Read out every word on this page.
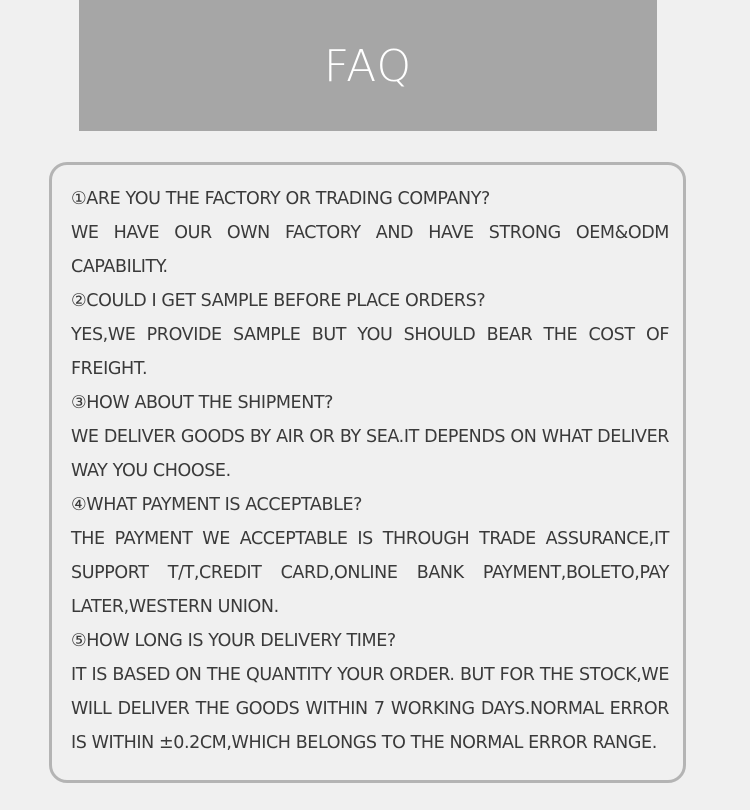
FAQ
①ARE YOU THE FACTORY OR TRADING COMPANY?
WE HAVE OUR OWN FACTORY AND HAVE STRONG OEM&ODM
CAPABILITY.
②COULD I GET SAMPLE BEFORE PLACE ORDERS?
YES,WE PROVIDE SAMPLE BUT YOU SHOULD BEAR THE COST OF
FREIGHT.
③HOW ABOUT THE SHIPMENT?
WE DELIVER GOODS BY AIR OR BY SEA.IT DEPENDS ON WHAT DELIVER
WAY YOU CHOOSE.
④WHAT PAYMENT IS ACCEPTABLE?
THE PAYMENT WE ACCEPTABLE IS THROUGH TRADE ASSURANCE,IT
SUPPORT T/T,CREDIT CARD,ONLINE BANK PAYMENT,BOLETO,PAY
LATER,WESTERN UNION.
⑤HOW LONG IS YOUR DELIVERY TIME?
IT IS BASED ON THE QUANTITY YOUR ORDER. BUT FOR THE STOCK,WE
WILL DELIVER THE GOODS WITHIN 7 WORKING DAYS.NORMAL ERROR
IS WITHIN ±0.2CM,WHICH BELONGS TO THE NORMAL ERROR RANGE.
